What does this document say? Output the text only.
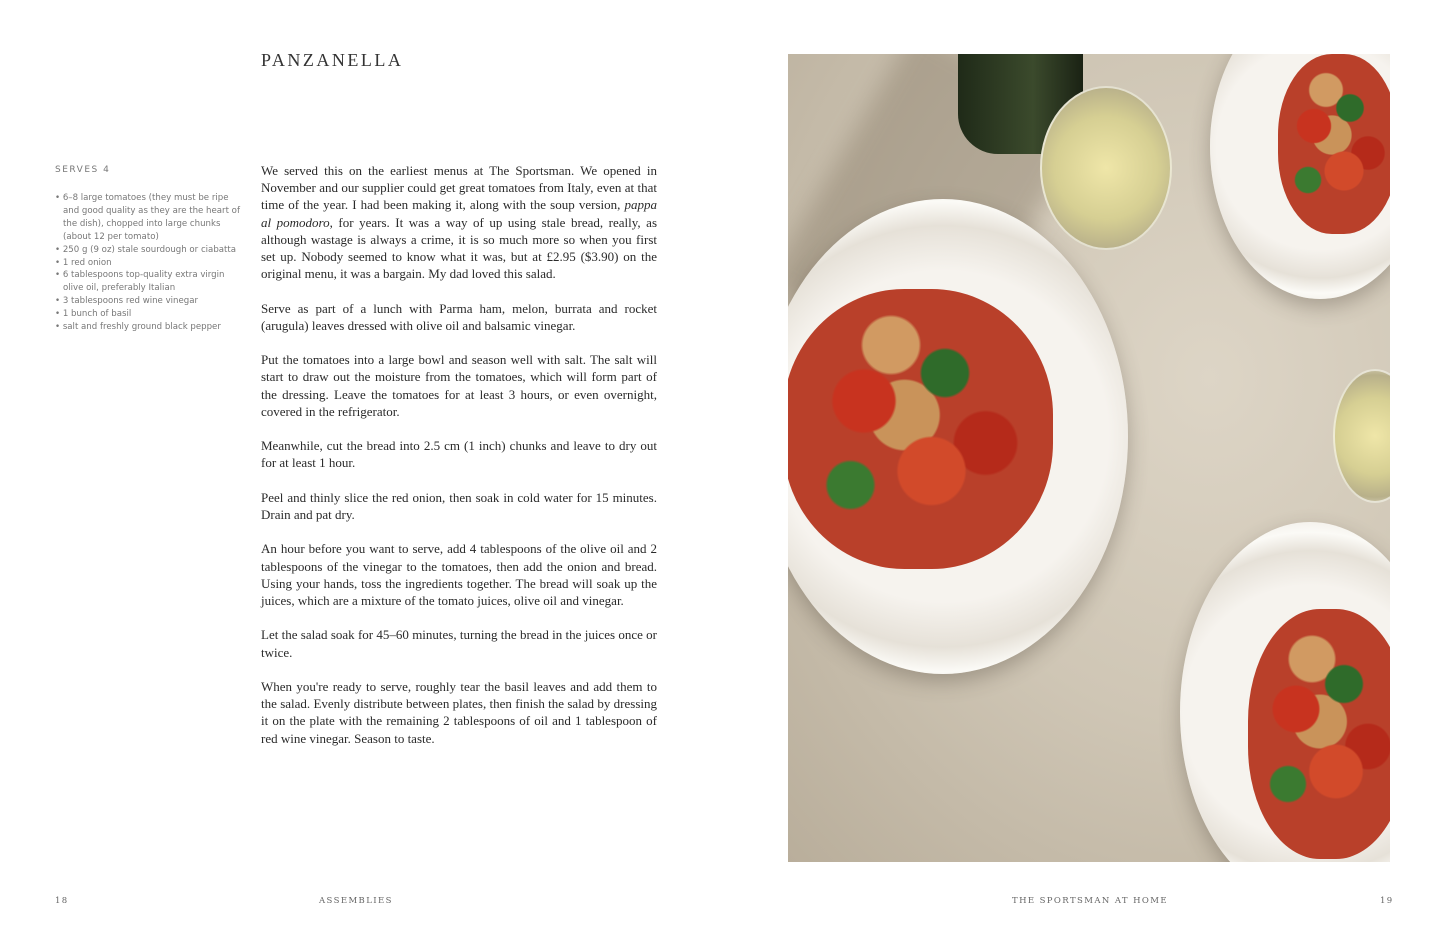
PANZANELLA
SERVES 4
• 6–8 large tomatoes (they must be ripe and good quality as they are the heart of the dish), chopped into large chunks (about 12 per tomato)
• 250 g (9 oz) stale sourdough or ciabatta
• 1 red onion
• 6 tablespoons top-quality extra virgin olive oil, preferably Italian
• 3 tablespoons red wine vinegar
• 1 bunch of basil
• salt and freshly ground black pepper

We served this on the earliest menus at The Sportsman. We opened in November and our supplier could get great tomatoes from Italy, even at that time of the year. I had been making it, along with the soup version, pappa al pomodoro, for years. It was a way of up using stale bread, really, as although wastage is always a crime, it is so much more so when you first set up. Nobody seemed to know what it was, but at £2.95 ($3.90) on the original menu, it was a bargain. My dad loved this salad.

Serve as part of a lunch with Parma ham, melon, burrata and rocket (arugula) leaves dressed with olive oil and balsamic vinegar.

Put the tomatoes into a large bowl and season well with salt. The salt will start to draw out the moisture from the tomatoes, which will form part of the dressing. Leave the tomatoes for at least 3 hours, or even overnight, covered in the refrigerator.

Meanwhile, cut the bread into 2.5 cm (1 inch) chunks and leave to dry out for at least 1 hour.

Peel and thinly slice the red onion, then soak in cold water for 15 minutes. Drain and pat dry.

An hour before you want to serve, add 4 tablespoons of the olive oil and 2 tablespoons of the vinegar to the tomatoes, then add the onion and bread. Using your hands, toss the ingredients together. The bread will soak up the juices, which are a mixture of the tomato juices, olive oil and vinegar.

Let the salad soak for 45–60 minutes, turning the bread in the juices once or twice.

When you're ready to serve, roughly tear the basil leaves and add them to the salad. Evenly distribute between plates, then finish the salad by dressing it on the plate with the remaining 2 tablespoons of oil and 1 tablespoon of red wine vinegar. Season to taste.

18	ASSEMBLIES	THE SPORTSMAN AT HOME	19
